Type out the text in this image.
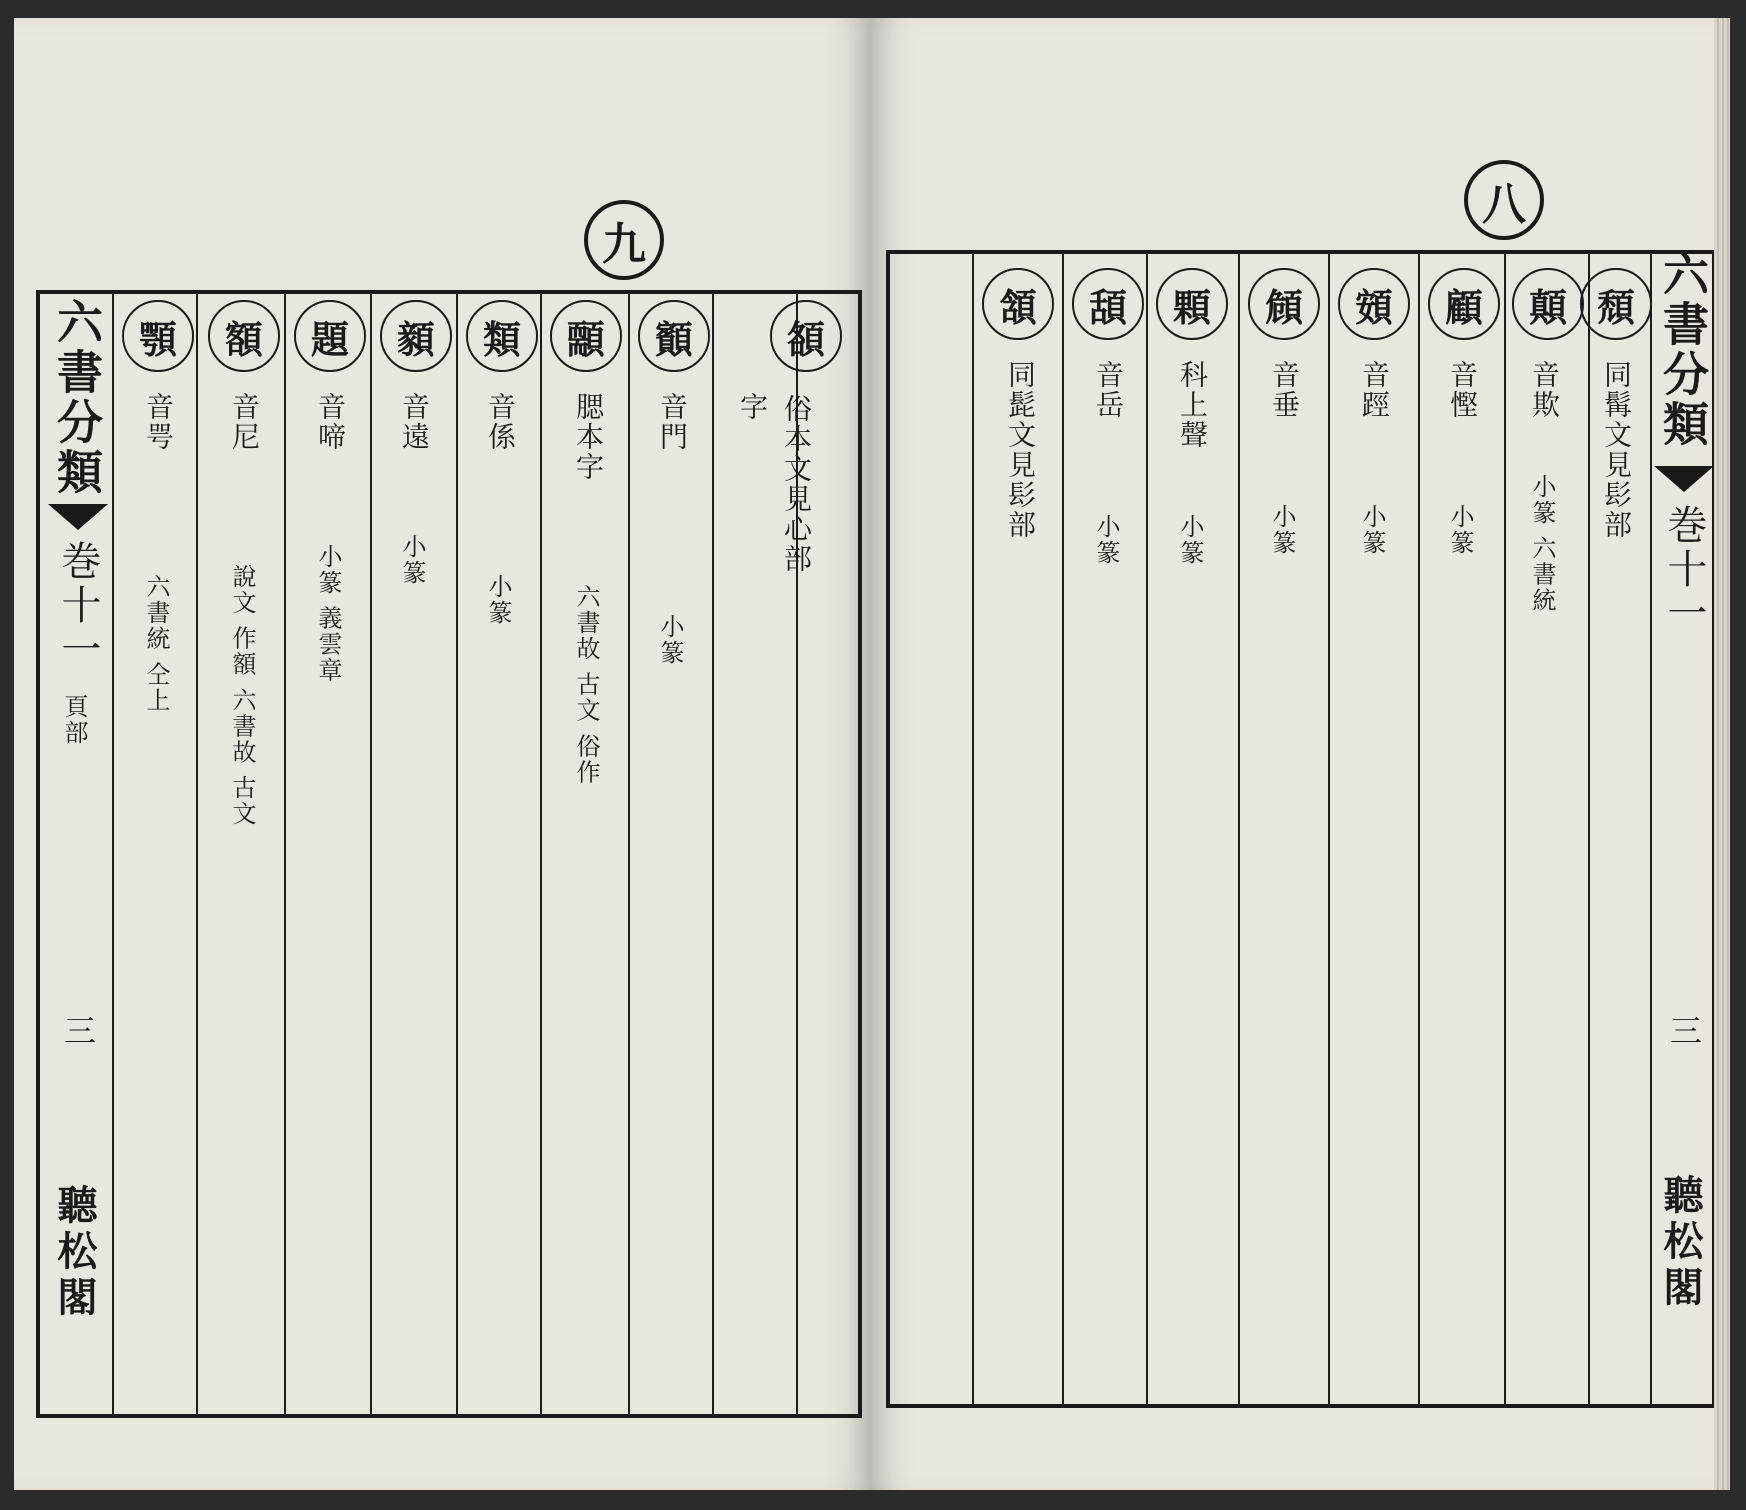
九
六書分類
巻十一
頁部
三
聽松閣
頟
字 俗本文見心部
顮
音門
小篆
䫱
腮本字
六書故 古文 俗作
類
音係
小篆
顡
音遠
小篆
題
音啼
小篆 義雲章
額
音尼
說文 作額 六書故 古文
顎
音咢
六書統 仝上
八
六書分類
巻十一
三
聽松閣
頹
同髯文見髟部
顛
音欺
小篆 六書統
顧
音慳
小篆
頞
音踁
小篆
頠
音垂
小篆
顆
科上聲
小篆
頢
音岳
小篆
頷
同髭文見髟部
